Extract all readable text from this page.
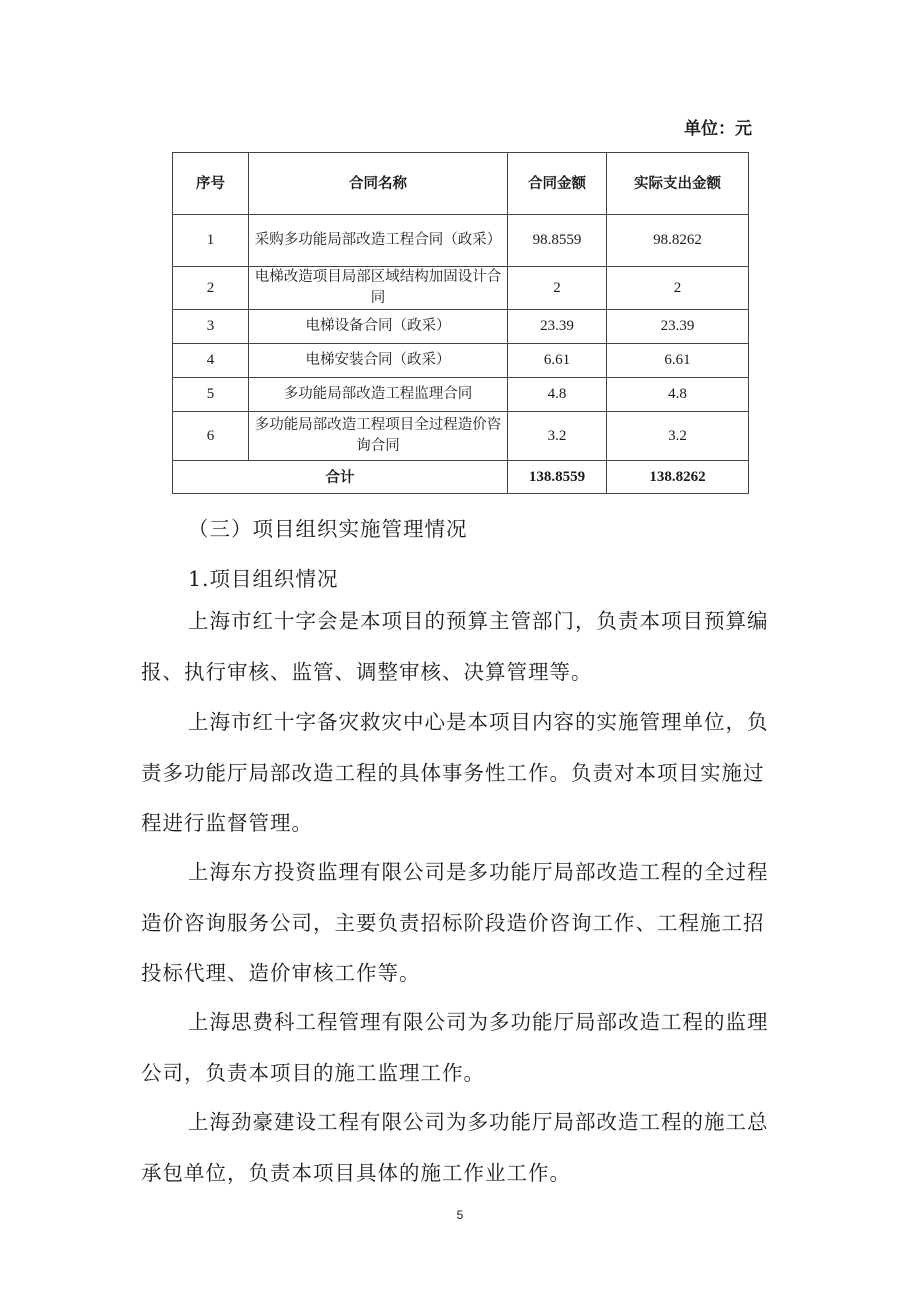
单位：元
序号	合同名称	合同金额	实际支出金额
1	采购多功能局部改造工程合同（政采）	98.8559	98.8262
2	电梯改造项目局部区域结构加固设计合同	2	2
3	电梯设备合同（政采）	23.39	23.39
4	电梯安装合同（政采）	6.61	6.61
5	多功能局部改造工程监理合同	4.8	4.8
6	多功能局部改造工程项目全过程造价咨询合同	3.2	3.2
合计		138.8559	138.8262
（三）项目组织实施管理情况
1.项目组织情况

上海市红十字会是本项目的预算主管部门，负责本项目预算编报、执行审核、监管、调整审核、决算管理等。

上海市红十字备灾救灾中心是本项目内容的实施管理单位，负责多功能厅局部改造工程的具体事务性工作。负责对本项目实施过程进行监督管理。

上海东方投资监理有限公司是多功能厅局部改造工程的全过程造价咨询服务公司，主要负责招标阶段造价咨询工作、工程施工招投标代理、造价审核工作等。

上海思费科工程管理有限公司为多功能厅局部改造工程的监理公司，负责本项目的施工监理工作。

上海劲豪建设工程有限公司为多功能厅局部改造工程的施工总承包单位，负责本项目具体的施工作业工作。

5
